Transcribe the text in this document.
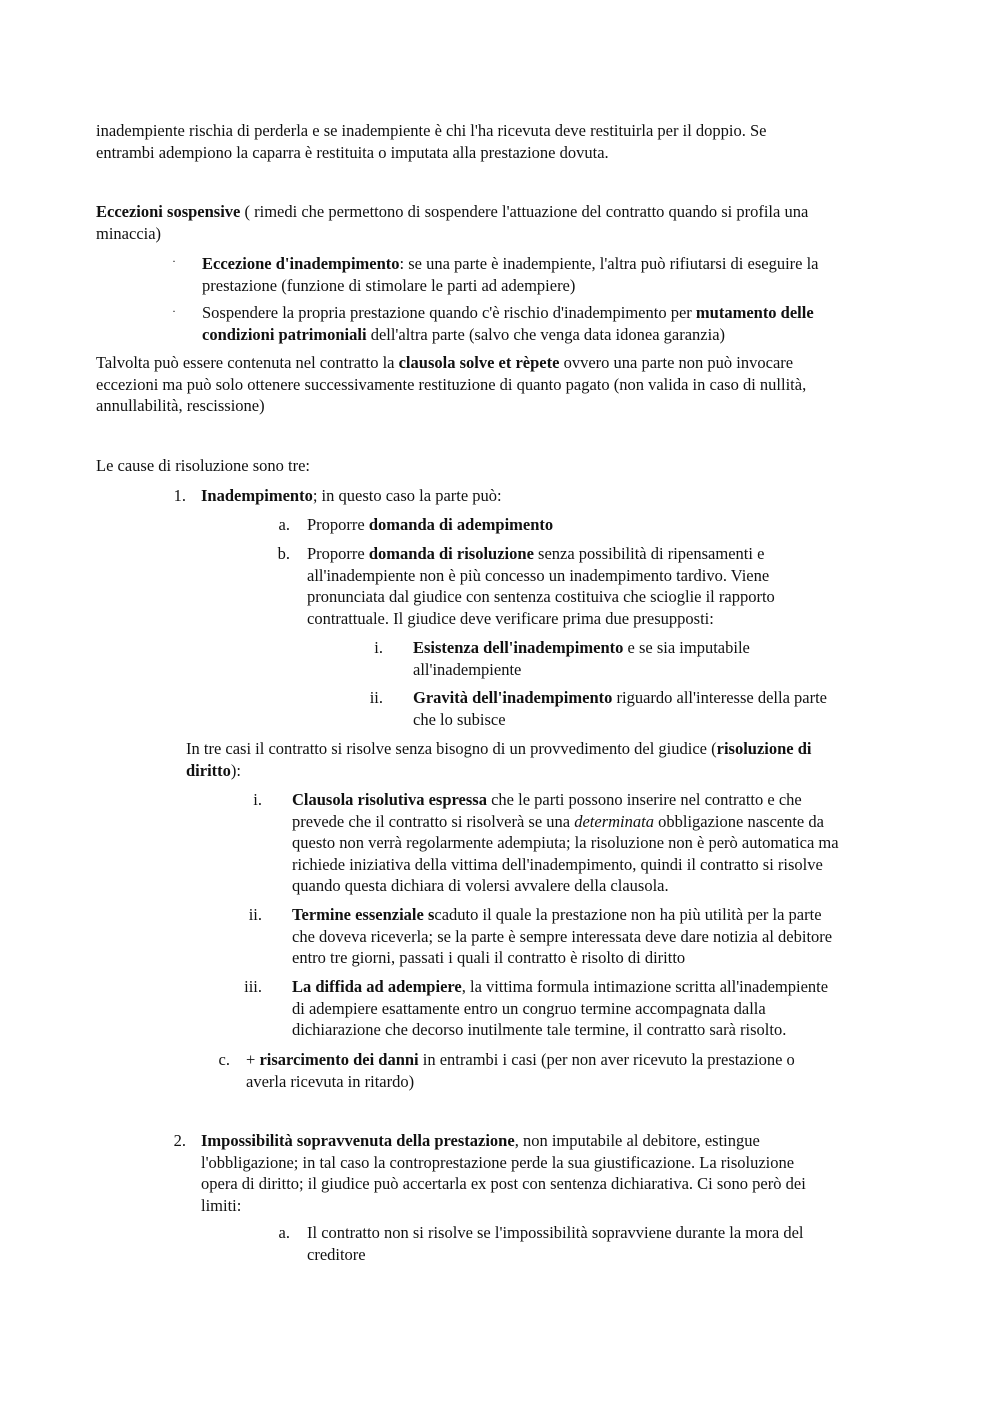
inadempiente rischia di perderla e se inadempiente è chi l'ha ricevuta deve restituirla per il doppio. Se
entrambi adempiono la caparra è restituita o imputata alla prestazione dovuta.
Eccezioni sospensive ( rimedi che permettono di sospendere l'attuazione del contratto quando si profila una
minaccia)
· Eccezione d'inadempimento: se una parte è inadempiente, l'altra può rifiutarsi di eseguire la
prestazione (funzione di stimolare le parti ad adempiere)
· Sospendere la propria prestazione quando c'è rischio d'inadempimento per mutamento delle
condizioni patrimoniali dell'altra parte (salvo che venga data idonea garanzia)
Talvolta può essere contenuta nel contratto la clausola solve et rèpete ovvero una parte non può invocare
eccezioni ma può solo ottenere successivamente restituzione di quanto pagato (non valida in caso di nullità,
annullabilità, rescissione)
Le cause di risoluzione sono tre:
1. Inadempimento; in questo caso la parte può:
a. Proporre domanda di adempimento
b. Proporre domanda di risoluzione senza possibilità di ripensamenti e
all'inadempiente non è più concesso un inadempimento tardivo. Viene
pronunciata dal giudice con sentenza costituiva che scioglie il rapporto
contrattuale. Il giudice deve verificare prima due presupposti:
i. Esistenza dell'inadempimento e se sia imputabile
all'inadempiente
ii. Gravità dell'inadempimento riguardo all'interesse della parte
che lo subisce
In tre casi il contratto si risolve senza bisogno di un provvedimento del giudice (risoluzione di
diritto):
i. Clausola risolutiva espressa che le parti possono inserire nel contratto e che
prevede che il contratto si risolverà se una determinata obbligazione nascente da
questo non verrà regolarmente adempiuta; la risoluzione non è però automatica ma
richiede iniziativa della vittima dell'inadempimento, quindi il contratto si risolve
quando questa dichiara di volersi avvalere della clausola.
ii. Termine essenziale scaduto il quale la prestazione non ha più utilità per la parte
che doveva riceverla; se la parte è sempre interessata deve dare notizia al debitore
entro tre giorni, passati i quali il contratto è risolto di diritto
iii. La diffida ad adempiere, la vittima formula intimazione scritta all'inadempiente
di adempiere esattamente entro un congruo termine accompagnata dalla
dichiarazione che decorso inutilmente tale termine, il contratto sarà risolto.
c. + risarcimento dei danni in entrambi i casi (per non aver ricevuto la prestazione o
averla ricevuta in ritardo)
2. Impossibilità sopravvenuta della prestazione, non imputabile al debitore, estingue
l'obbligazione; in tal caso la controprestazione perde la sua giustificazione. La risoluzione
opera di diritto; il giudice può accertarla ex post con sentenza dichiarativa. Ci sono però dei
limiti:
a. Il contratto non si risolve se l'impossibilità sopravviene durante la mora del
creditore
